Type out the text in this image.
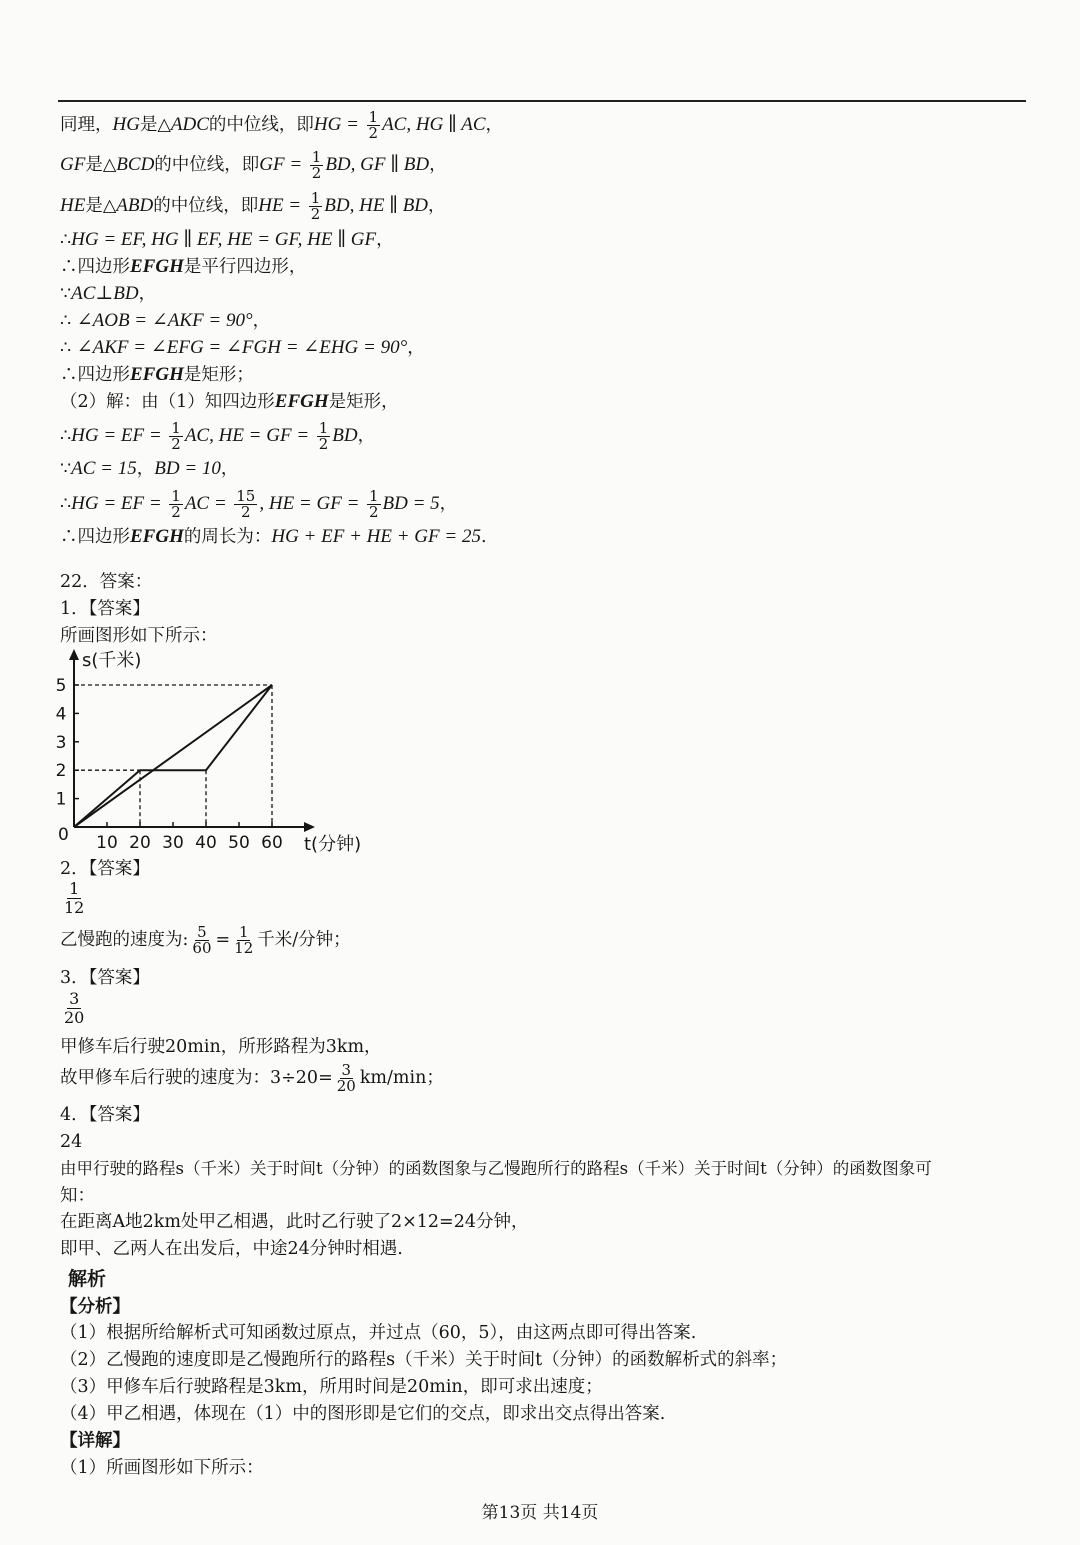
同理，HG是△ADC的中位线，即HG = $\frac{1}{2}$ AC, HG ∥ AC，
GF是△BCD的中位线，即GF = $\frac{1}{2}$ BD, GF ∥ BD，
HE是△ABD的中位线，即HE = $\frac{1}{2}$ BD, HE ∥ BD，
∴HG = EF, HG ∥ EF, HE = GF, HE ∥ GF，
∴四边形EFGH是平行四边形，
∵AC⊥BD，
∴ ∠AOB = ∠AKF = 90°，
∴ ∠AKF = ∠EFG = ∠FGH = ∠EHG = 90°，
∴四边形EFGH是矩形；
（2）解：由（1）知四边形EFGH是矩形，
∴HG = EF = $\frac{1}{2}$ AC, HE = GF = $\frac{1}{2}$ BD，
∵AC = 15，BD = 10，
∴HG = EF = $\frac{1}{2}$ AC = $\frac{15}{2}$ , HE = GF = $\frac{1}{2}$ BD = 5，
∴四边形EFGH的周长为：HG + EF + HE + GF = 25.
22．答案：
1．【答案】
所画图形如下所示：
1
2
3
4
5
10 20 30 40 50 60
0
s(千米)
t(分钟)
2．【答案】
$\frac{1}{12}$
乙慢跑的速度为: $\frac{5}{60} = \frac{1}{12}$ 千米/分钟；
3．【答案】
$\frac{3}{20}$
甲修车后行驶20min，所形路程为3km，
故甲修车后行驶的速度为：$3\div 20= \frac{3}{20} km/\min$；
4．【答案】
24
由甲行驶的路程s（千米）关于时间t（分钟）的函数图象与乙慢跑所行的路程s（千米）关于时间t（分钟）的函数图象可
知：
在距离A地2km处甲乙相遇，此时乙行驶了2×12=24分钟，
即甲、乙两人在出发后，中途24分钟时相遇.
解析
【分析】
（1）根据所给解析式可知函数过原点，并过点（60，5），由这两点即可得出答案.
（2）乙慢跑的速度即是乙慢跑所行的路程s（千米）关于时间t（分钟）的函数解析式的斜率；
（3）甲修车后行驶路程是3km，所用时间是20min，即可求出速度；
（4）甲乙相遇，体现在（1）中的图形即是它们的交点，即求出交点得出答案.
【详解】
（1）所画图形如下所示：
第13页 共14页
